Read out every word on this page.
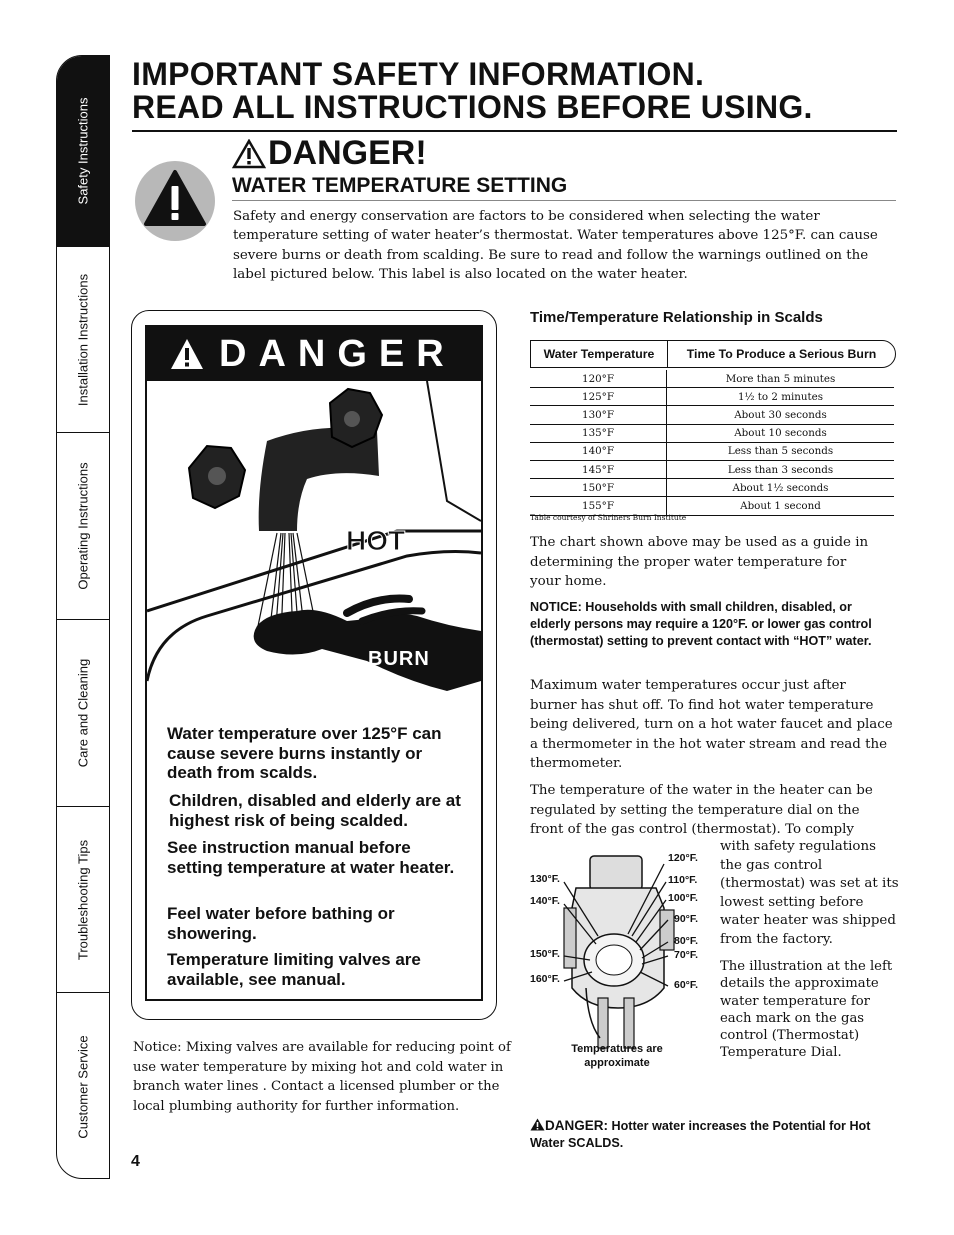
Safety Instructions
Installation Instructions
Operating Instructions
Care and Cleaning
Troubleshooting Tips
Customer Service
IMPORTANT SAFETY INFORMATION.
READ ALL INSTRUCTIONS BEFORE USING.
DANGER!
WATER TEMPERATURE SETTING
Safety and energy conservation are factors to be considered when selecting the water temperature setting of water heater’s thermostat. Water temperatures above 125°F. can cause severe burns or death from scalding. Be sure to read and follow the warnings outlined on the label pictured below. This label is also located on the water heater.
DANGER
HOT
BURN
Water temperature over 125°F can cause severe burns instantly or death from scalds.
Children, disabled and elderly are at highest risk of being scalded.
See instruction manual before setting temperature at water heater.
Feel water before bathing or showering.
Temperature limiting valves are available, see manual.
Notice: Mixing valves are available for reducing point of use water temperature by mixing hot and cold water in branch water lines . Contact a licensed plumber or the local plumbing authority for further information.
4
Time/Temperature Relationship in Scalds
Water Temperature	Time To Produce a Serious Burn
120°F	More than 5 minutes
125°F	1½ to 2 minutes
130°F	About 30 seconds
135°F	About 10 seconds
140°F	Less than 5 seconds
145°F	Less than 3 seconds
150°F	About 1½ seconds
155°F	About 1 second
Table courtesy of Shriners Burn Institute
The chart shown above may be used as a guide in determining the proper water temperature for your home.
NOTICE: Households with small children, disabled, or elderly persons may require a 120°F. or lower gas control (thermostat) setting to prevent contact with “HOT” water.
Maximum water temperatures occur just after burner has shut off. To find hot water temperature being delivered, turn on a hot water faucet and place a thermometer in the hot water stream and read the thermometer.
The temperature of the water in the heater can be regulated by setting the temperature dial on the front of the gas control (thermostat). To comply
130°F.
140°F.
150°F.
160°F.
120°F.
110°F.
100°F.
90°F.
80°F.
70°F.
60°F.
Temperatures are
approximate
with safety regulations the gas control (thermostat) was set at its lowest setting before water heater was shipped from the factory.
The illustration at the left details the approximate water temperature for each mark on the gas control (Thermostat) Temperature Dial.
DANGER: Hotter water increases the Potential for Hot Water SCALDS.
